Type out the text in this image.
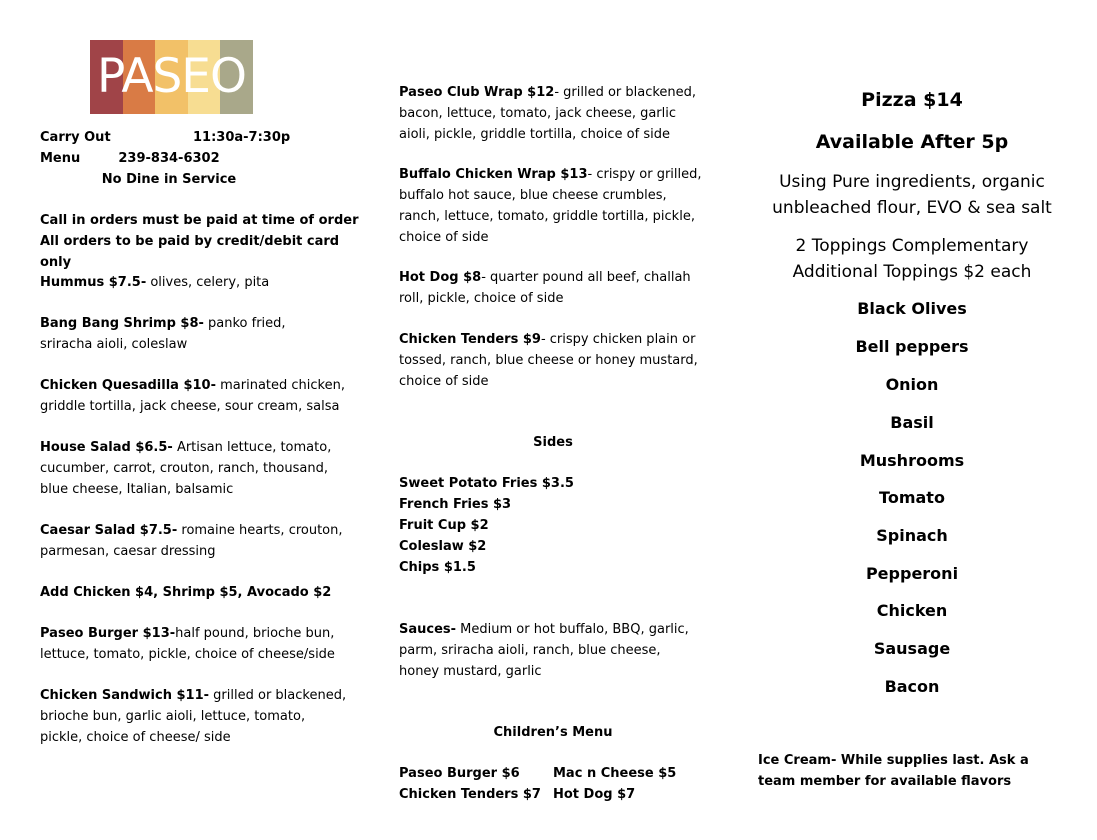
PASEO
Carry Out Menu
11:30a-7:30p
239-834-6302
No Dine in Service
Call in orders must be paid at time of order
All orders to be paid by credit/debit card only
Hummus $7.5- olives, celery, pita
Bang Bang Shrimp $8- panko fried, sriracha aioli, coleslaw
Chicken Quesadilla $10- marinated chicken, griddle tortilla, jack cheese, sour cream, salsa
House Salad $6.5- Artisan lettuce, tomato, cucumber, carrot, crouton, ranch, thousand, blue cheese, Italian, balsamic
Caesar Salad $7.5- romaine hearts, crouton, parmesan, caesar dressing
Add Chicken $4, Shrimp $5, Avocado $2
Paseo Burger $13-half pound, brioche bun, lettuce, tomato, pickle, choice of cheese/side
Chicken Sandwich $11- grilled or blackened, brioche bun, garlic aioli, lettuce, tomato, pickle, choice of cheese/ side
Paseo Club Wrap $12- grilled or blackened, bacon, lettuce, tomato, jack cheese, garlic aioli, pickle, griddle tortilla, choice of side
Buffalo Chicken Wrap $13- crispy or grilled, buffalo hot sauce, blue cheese crumbles, ranch, lettuce, tomato, griddle tortilla, pickle, choice of side
Hot Dog $8- quarter pound all beef, challah roll, pickle, choice of side
Chicken Tenders $9- crispy chicken plain or tossed, ranch, blue cheese or honey mustard, choice of side
Sides
Sweet Potato Fries $3.5
French Fries $3
Fruit Cup $2
Coleslaw $2
Chips $1.5
Sauces- Medium or hot buffalo, BBQ, garlic, parm, sriracha aioli, ranch, blue cheese, honey mustard, garlic
Children’s Menu
Paseo Burger $6
Chicken Tenders $7
Mac n Cheese $5
Hot Dog $7
Pizza $14
Available After 5p
Using Pure ingredients, organic unbleached flour, EVO & sea salt
2 Toppings Complementary Additional Toppings $2 each
Black Olives
Bell peppers
Onion
Basil
Mushrooms
Tomato
Spinach
Pepperoni
Chicken
Sausage
Bacon
Ice Cream- While supplies last. Ask a team member for available flavors
